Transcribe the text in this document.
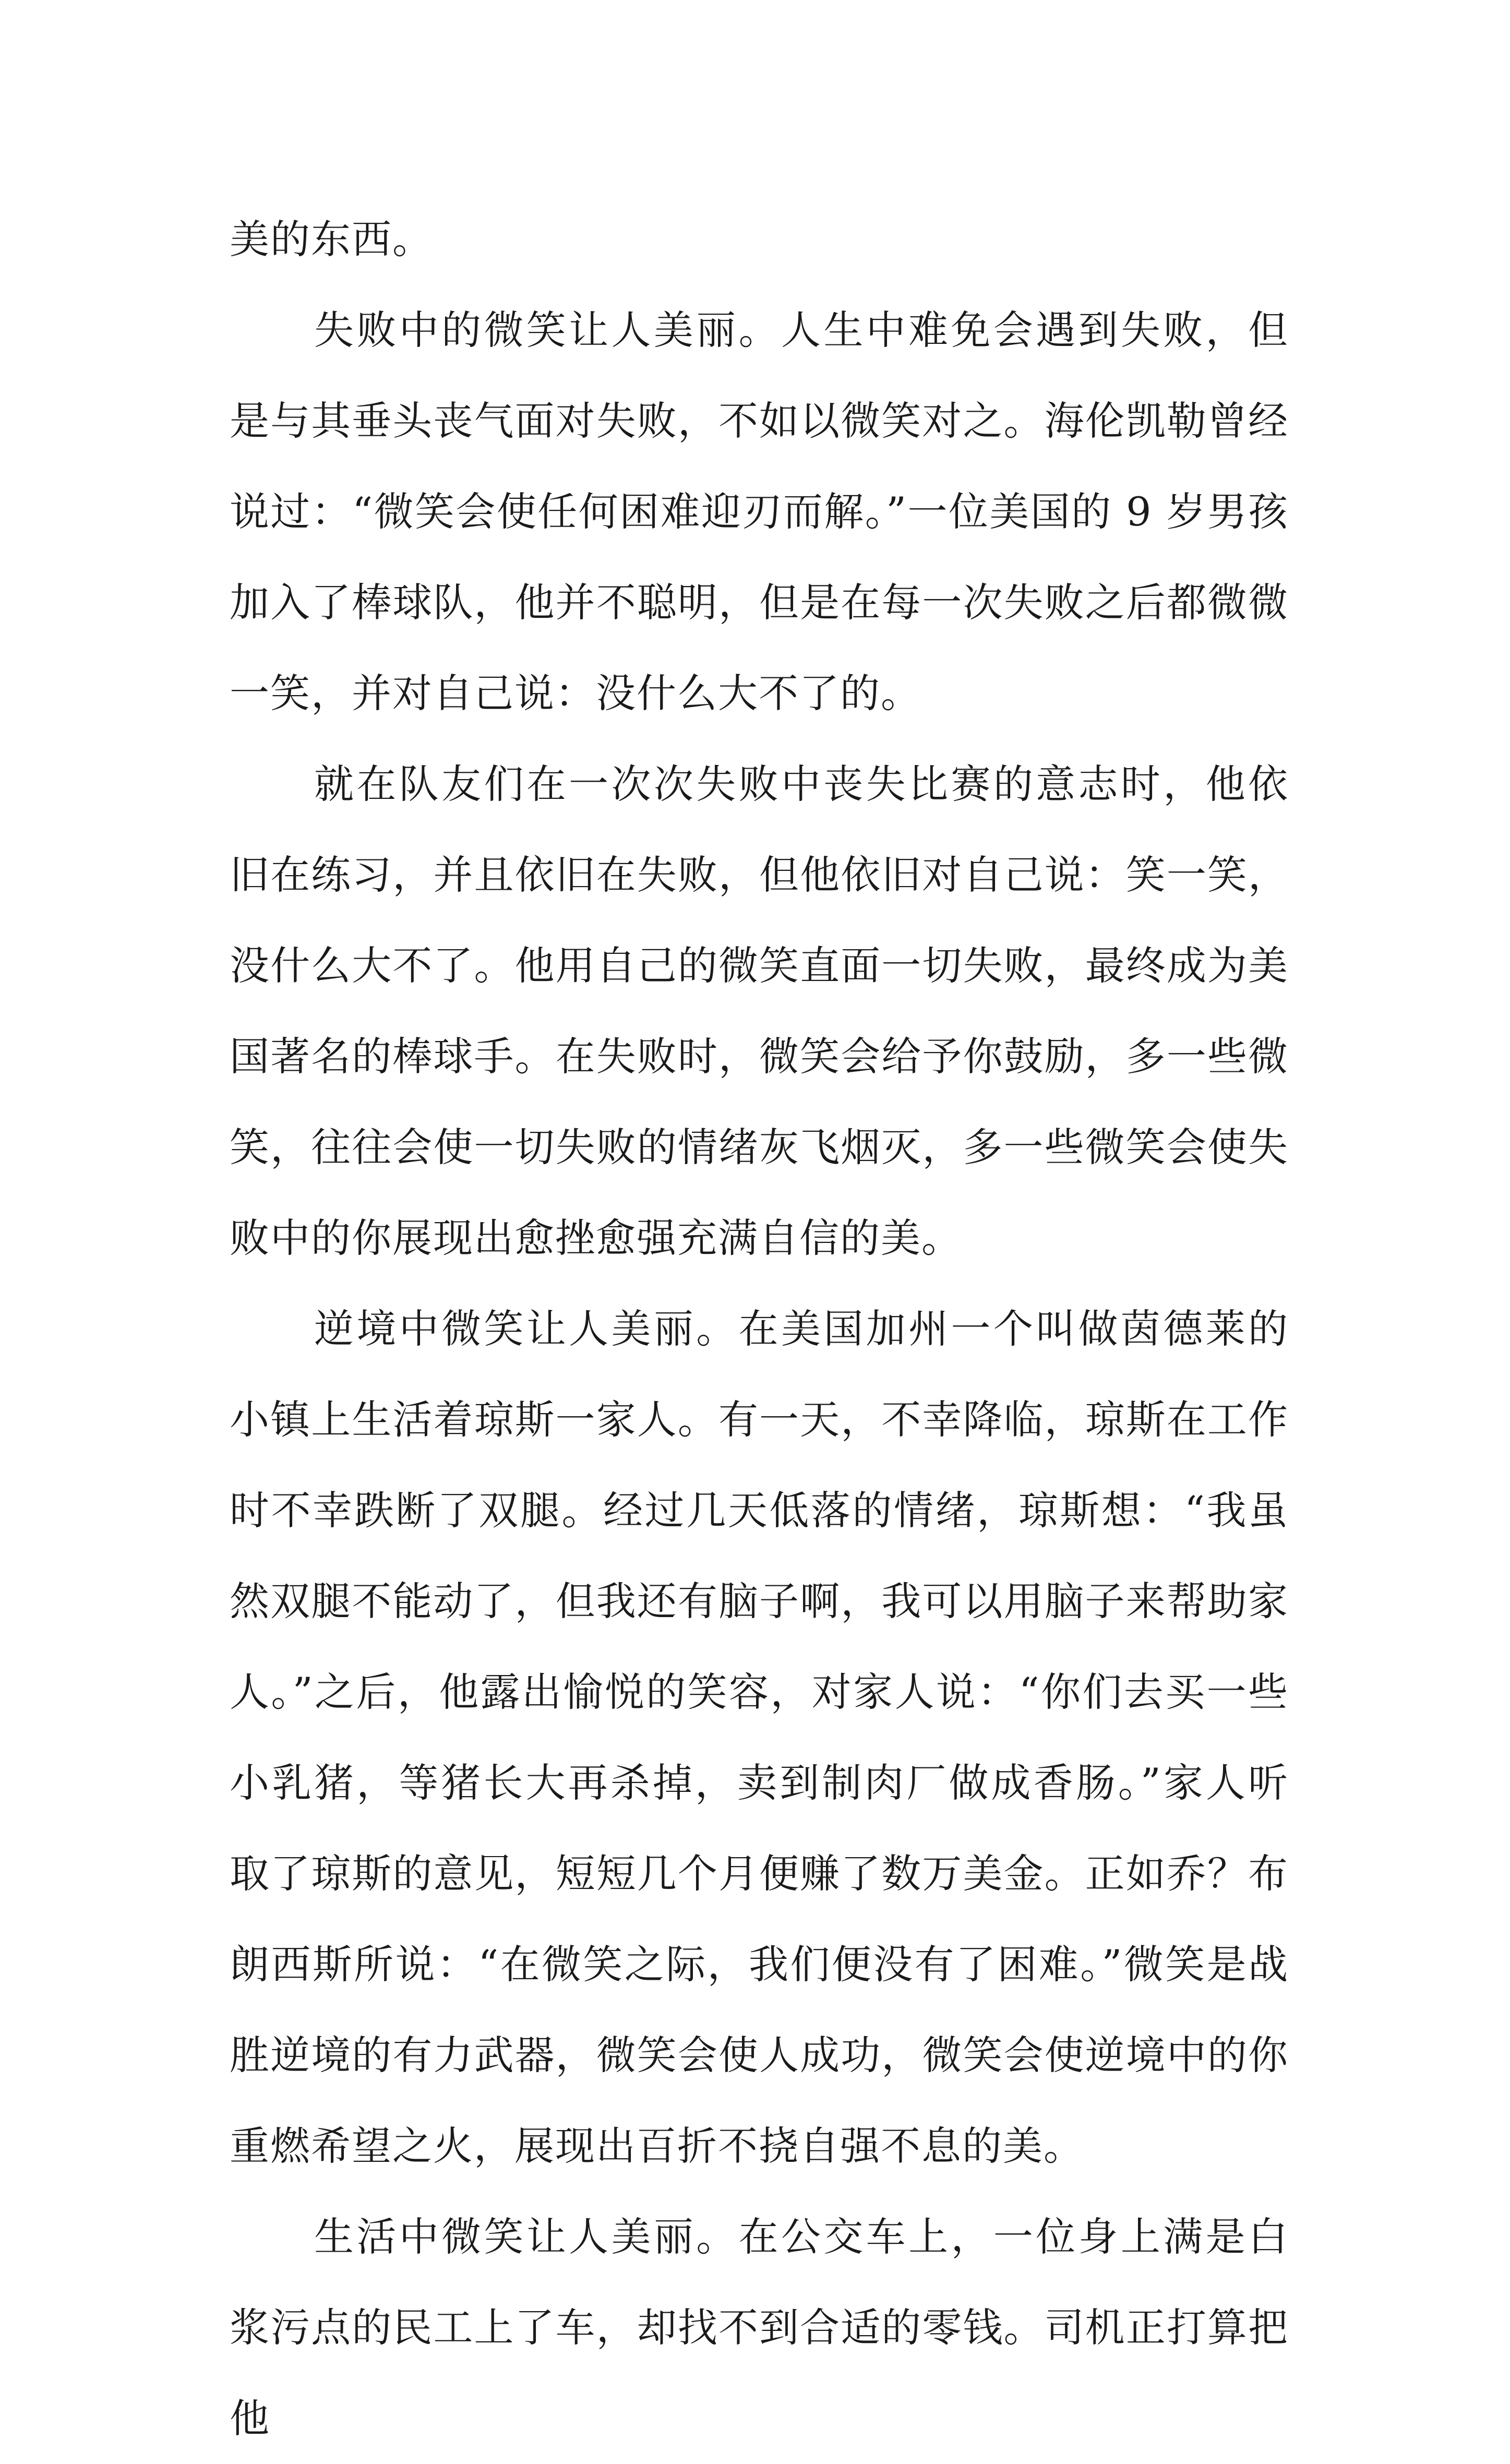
美的东西。

失败中的微笑让人美丽。人生中难免会遇到失败，但是与其垂头丧气面对失败，不如以微笑对之。海伦凯勒曾经说过：“微笑会使任何困难迎刃而解。”一位美国的 9 岁男孩加入了棒球队，他并不聪明，但是在每一次失败之后都微微一笑，并对自己说：没什么大不了的。

就在队友们在一次次失败中丧失比赛的意志时，他依旧在练习，并且依旧在失败，但他依旧对自己说：笑一笑，没什么大不了。他用自己的微笑直面一切失败，最终成为美国著名的棒球手。在失败时，微笑会给予你鼓励，多一些微笑，往往会使一切失败的情绪灰飞烟灭，多一些微笑会使失败中的你展现出愈挫愈强充满自信的美。

逆境中微笑让人美丽。在美国加州一个叫做茵德莱的小镇上生活着琼斯一家人。有一天，不幸降临，琼斯在工作时不幸跌断了双腿。经过几天低落的情绪，琼斯想：“我虽然双腿不能动了，但我还有脑子啊，我可以用脑子来帮助家人。”之后，他露出愉悦的笑容，对家人说：“你们去买一些小乳猪，等猪长大再杀掉，卖到制肉厂做成香肠。”家人听取了琼斯的意见，短短几个月便赚了数万美金。正如乔？布朗西斯所说：“在微笑之际，我们便没有了困难。”微笑是战胜逆境的有力武器，微笑会使人成功，微笑会使逆境中的你重燃希望之火，展现出百折不挠自强不息的美。

生活中微笑让人美丽。在公交车上，一位身上满是白浆污点的民工上了车，却找不到合适的零钱。司机正打算把他
